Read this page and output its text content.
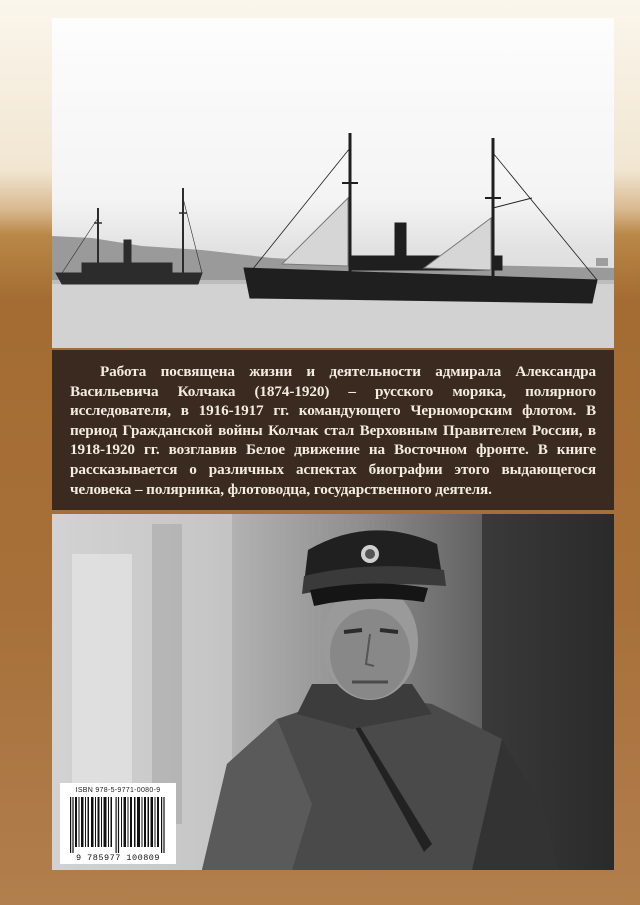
Работа посвящена жизни и деятельности адмирала Александра Васильевича Колчака (1874-1920) – русского моряка, полярного исследователя, в 1916-1917 гг. командующего Черноморским флотом. В период Гражданской войны Колчак стал Верховным Правителем России, в 1918-1920 гг. возглавив Белое движение на Восточном фронте. В книге рассказывается о различных аспектах биографии этого выдающегося человека – полярника, флотоводца, государственного деятеля.

ISBN 978-5-9771-0080-9
9 785977 100809
